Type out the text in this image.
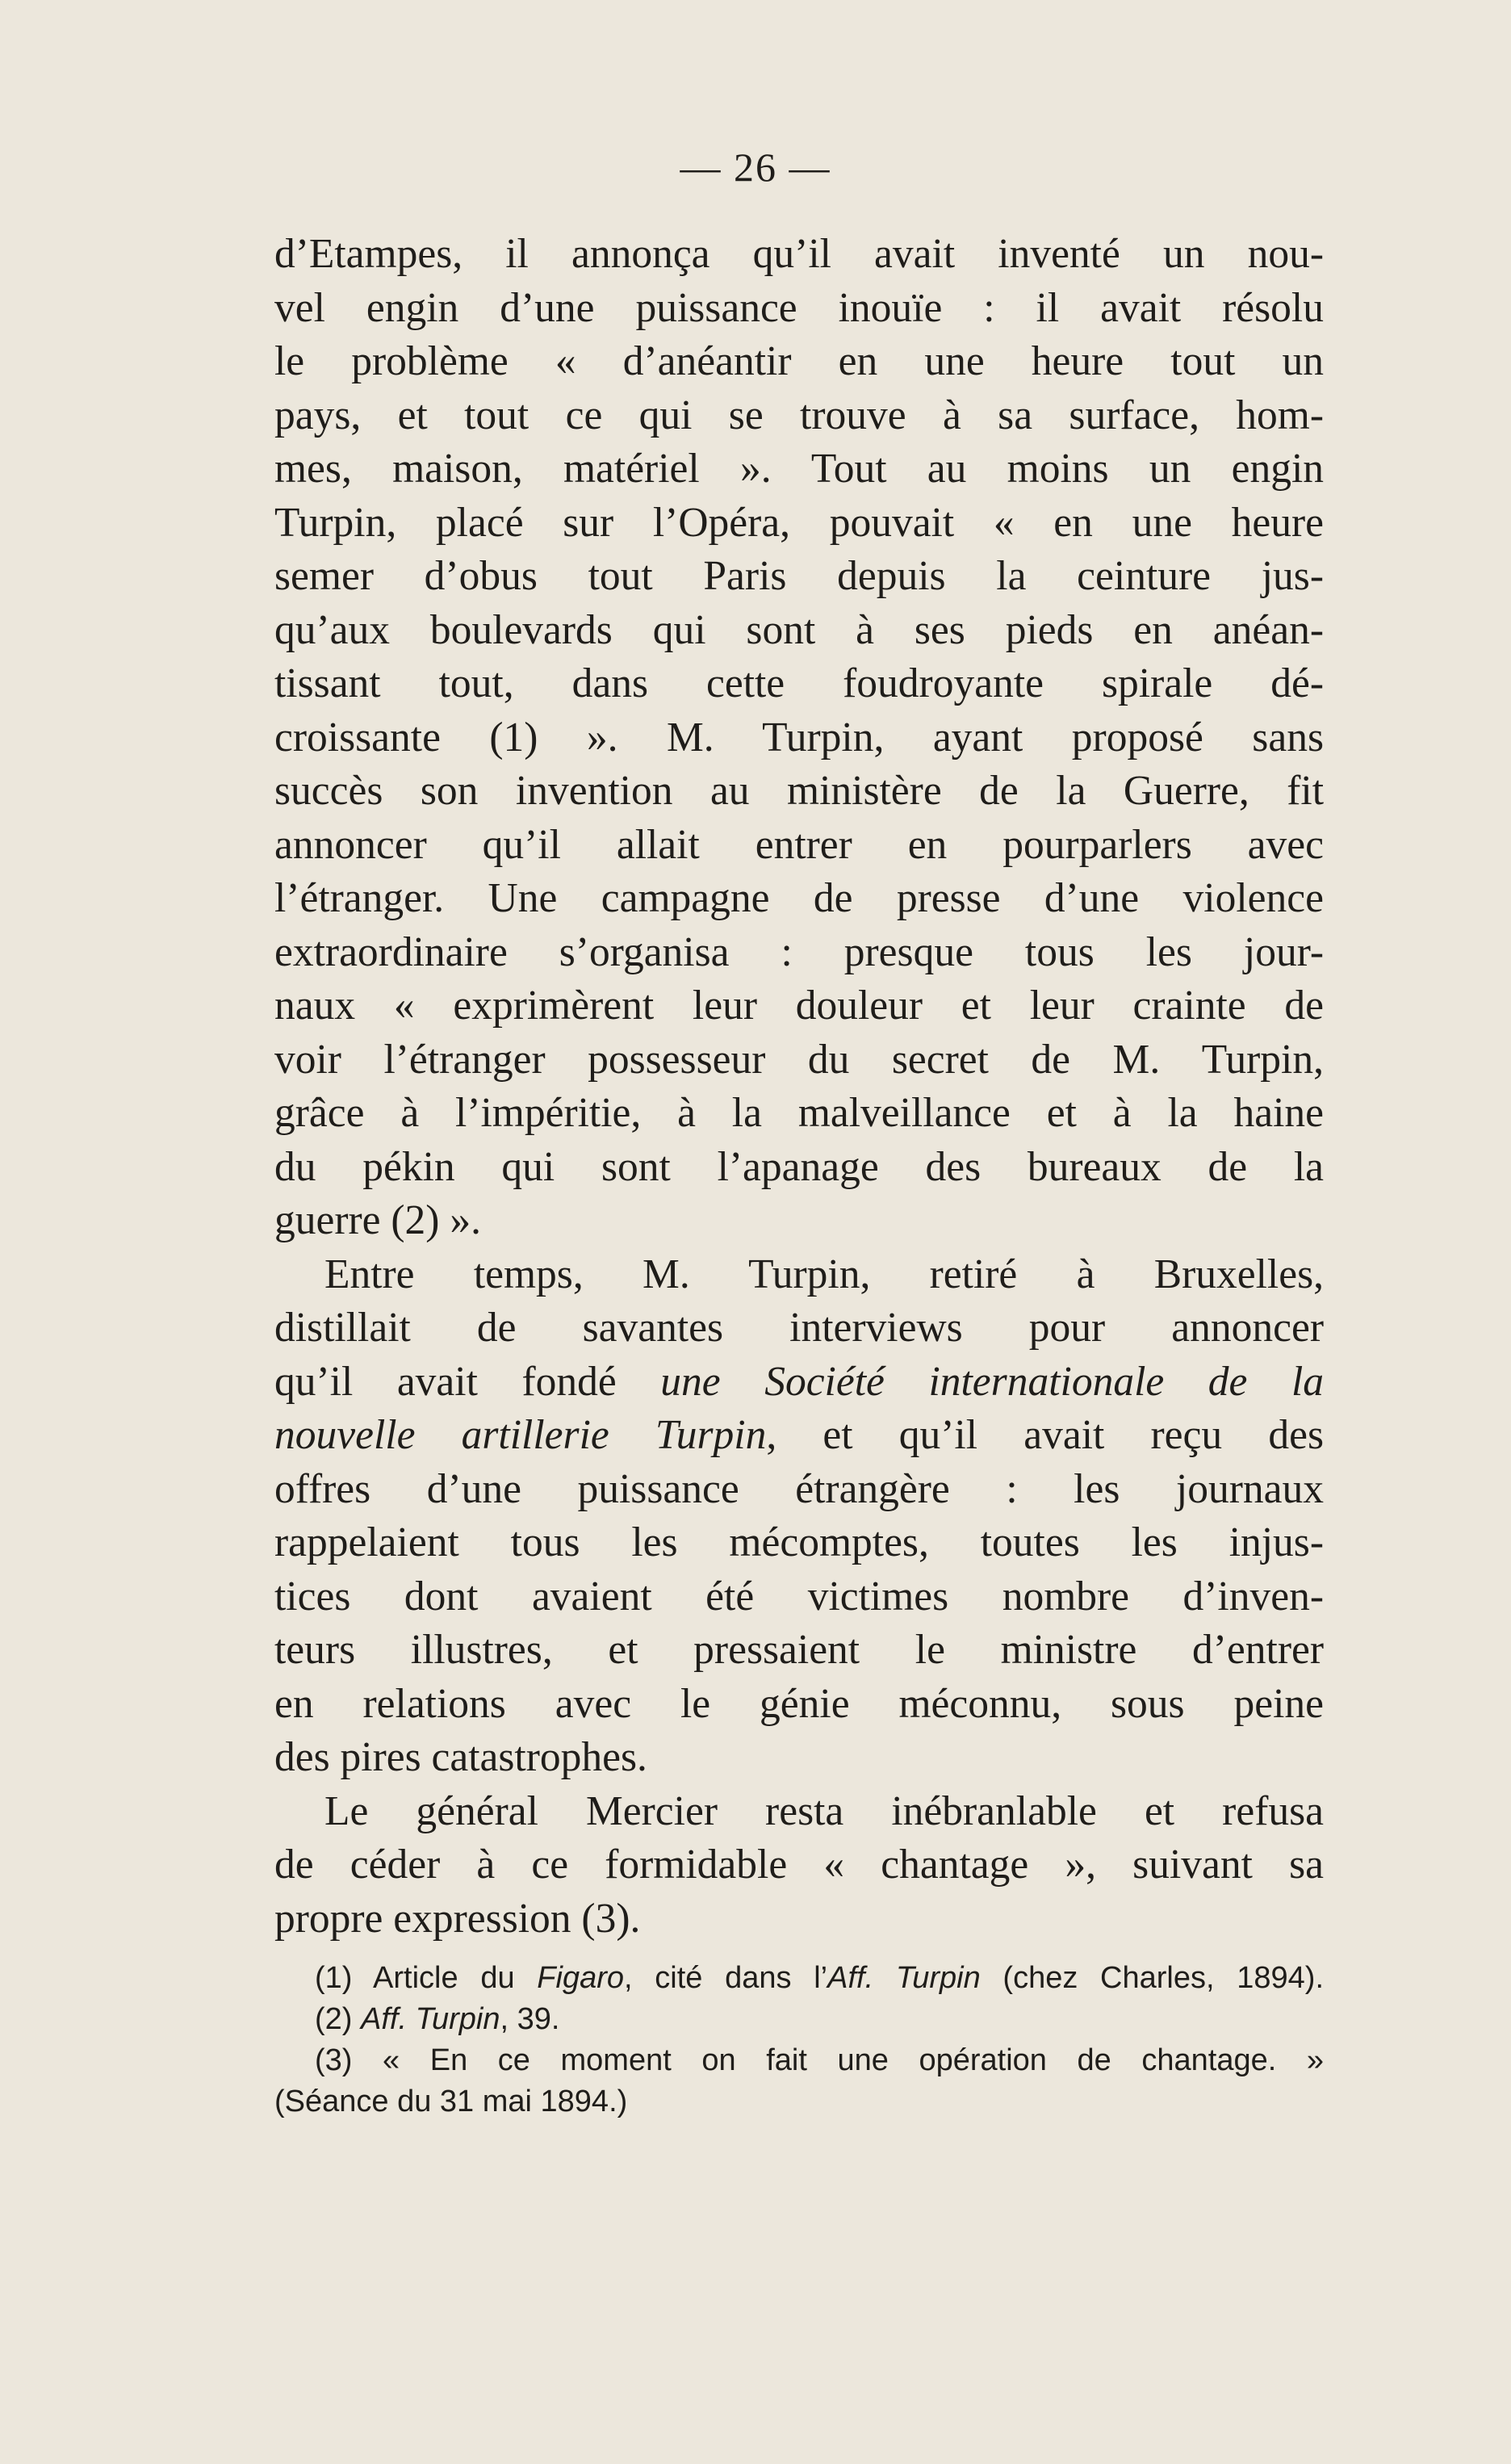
— 26 —
d’Etampes, il annonça qu’il avait inventé un nou-
vel engin d’une puissance inouïe : il avait résolu
le problème « d’anéantir en une heure tout un
pays, et tout ce qui se trouve à sa surface, hom-
mes, maison, matériel ». Tout au moins un engin
Turpin, placé sur l’Opéra, pouvait « en une heure
semer d’obus tout Paris depuis la ceinture jus-
qu’aux boulevards qui sont à ses pieds en anéan-
tissant tout, dans cette foudroyante spirale dé-
croissante (1) ». M. Turpin, ayant proposé sans
succès son invention au ministère de la Guerre, fit
annoncer qu’il allait entrer en pourparlers avec
l’étranger. Une campagne de presse d’une violence
extraordinaire s’organisa : presque tous les jour-
naux « exprimèrent leur douleur et leur crainte de
voir l’étranger possesseur du secret de M. Turpin,
grâce à l’impéritie, à la malveillance et à la haine
du pékin qui sont l’apanage des bureaux de la
guerre (2) ».
Entre temps, M. Turpin, retiré à Bruxelles,
distillait de savantes interviews pour annoncer
qu’il avait fondé une Société internationale de la
nouvelle artillerie Turpin, et qu’il avait reçu des
offres d’une puissance étrangère : les journaux
rappelaient tous les mécomptes, toutes les injus-
tices dont avaient été victimes nombre d’inven-
teurs illustres, et pressaient le ministre d’entrer
en relations avec le génie méconnu, sous peine
des pires catastrophes.
Le général Mercier resta inébranlable et refusa
de céder à ce formidable « chantage », suivant sa
propre expression (3).
(1) Article du Figaro, cité dans l’Aff. Turpin (chez Charles, 1894).
(2) Aff. Turpin, 39.
(3) « En ce moment on fait une opération de chantage. »
(Séance du 31 mai 1894.)
